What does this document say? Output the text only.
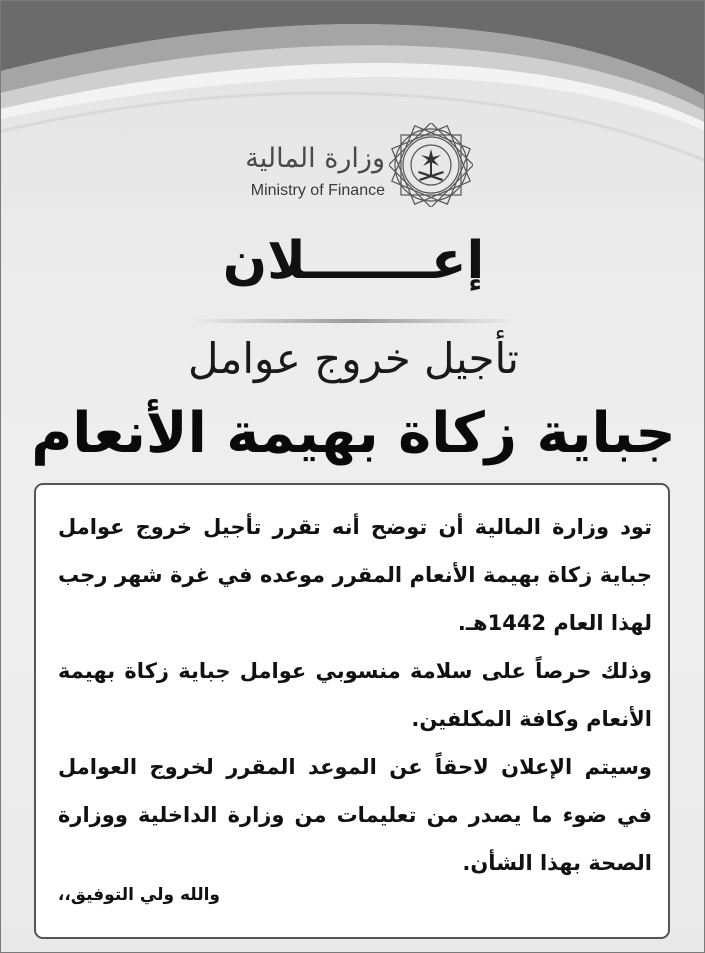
وزارة المالية
Ministry of Finance
إعـــــــلان
تأجيل خروج عوامل
جباية زكاة بهيمة الأنعام

تود وزارة المالية أن توضح أنه تقرر تأجيل خروج عوامل جباية زكاة بهيمة الأنعام المقرر موعده في غرة شهر رجب لهذا العام 1442هـ.

وذلك حرصاً على سلامة منسوبي عوامل جباية زكاة بهيمة الأنعام وكافة المكلفين.

وسيتم الإعلان لاحقاً عن الموعد المقرر لخروج العوامل في ضوء ما يصدر من تعليمات من وزارة الداخلية ووزارة الصحة بهذا الشأن.

والله ولي التوفيق،،
